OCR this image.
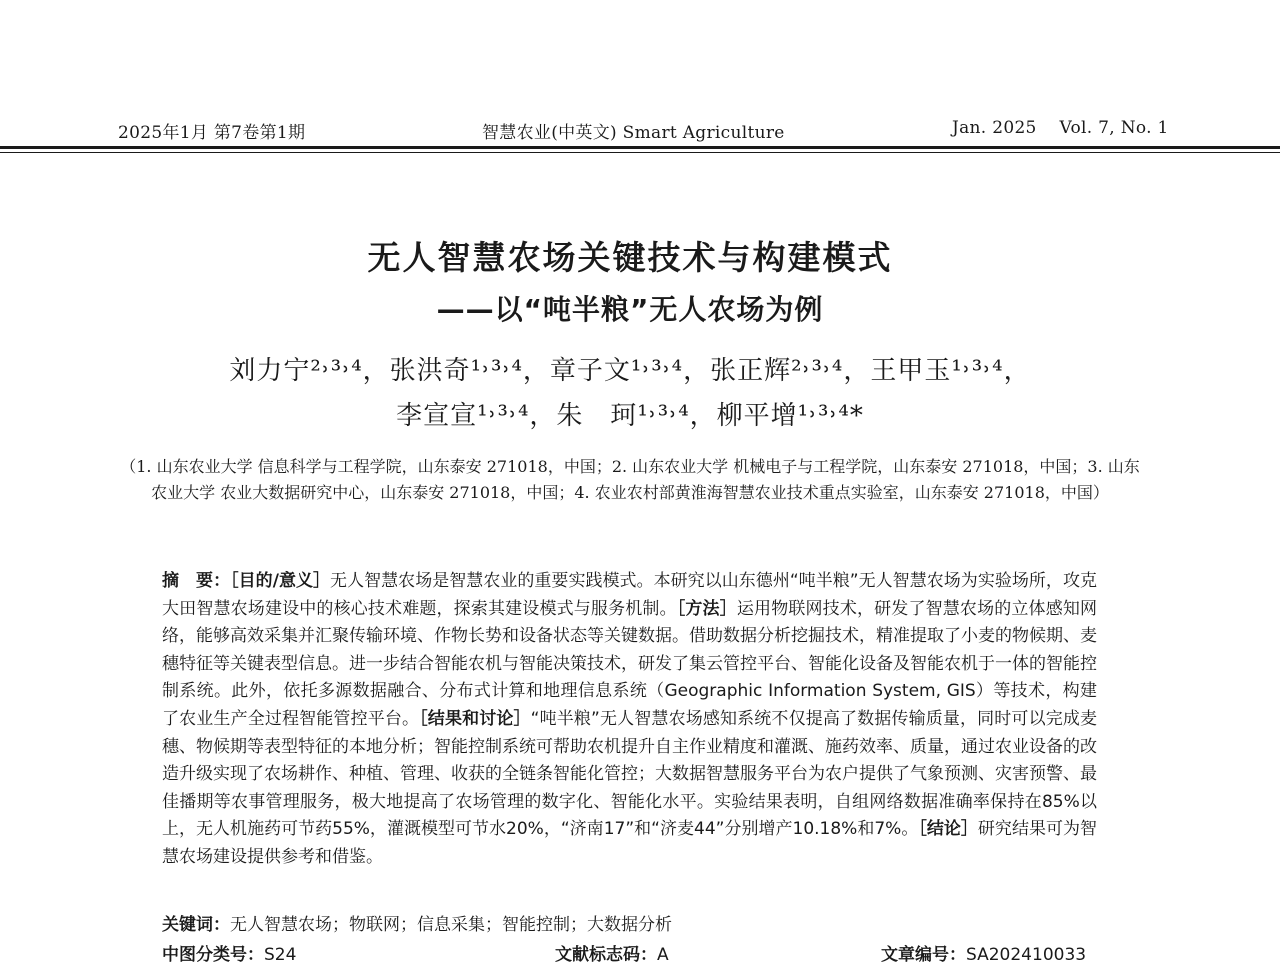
2025年1月 第7卷第1期	智慧农业(中英文) Smart Agriculture	Jan. 2025    Vol. 7, No. 1
无人智慧农场关键技术与构建模式
——以“吨半粮”无人农场为例
刘力宁²˒³˒⁴，张洪奇¹˒³˒⁴，章子文¹˒³˒⁴，张正辉²˒³˒⁴，王甲玉¹˒³˒⁴，
李宣宣¹˒³˒⁴，朱　珂¹˒³˒⁴，柳平增¹˒³˒⁴*
（1. 山东农业大学 信息科学与工程学院，山东泰安 271018，中国；2. 山东农业大学 机械电子与工程学院，山东泰安 271018，中国；3. 山东农业大学 农业大数据研究中心，山东泰安 271018，中国；4. 农业农村部黄淮海智慧农业技术重点实验室，山东泰安 271018，中国）
摘　要：［目的/意义］无人智慧农场是智慧农业的重要实践模式。本研究以山东德州“吨半粮”无人智慧农场为实验场所，攻克大田智慧农场建设中的核心技术难题，探索其建设模式与服务机制。［方法］运用物联网技术，研发了智慧农场的立体感知网络，能够高效采集并汇聚传输环境、作物长势和设备状态等关键数据。借助数据分析挖掘技术，精准提取了小麦的物候期、麦穗特征等关键表型信息。进一步结合智能农机与智能决策技术，研发了集云管控平台、智能化设备及智能农机于一体的智能控制系统。此外，依托多源数据融合、分布式计算和地理信息系统（Geographic Information System, GIS）等技术，构建了农业生产全过程智能管控平台。［结果和讨论］“吨半粮”无人智慧农场感知系统不仅提高了数据传输质量，同时可以完成麦穗、物候期等表型特征的本地分析；智能控制系统可帮助农机提升自主作业精度和灌溉、施药效率、质量，通过农业设备的改造升级实现了农场耕作、种植、管理、收获的全链条智能化管控；大数据智慧服务平台为农户提供了气象预测、灾害预警、最佳播期等农事管理服务，极大地提高了农场管理的数字化、智能化水平。实验结果表明，自组网络数据准确率保持在85%以上，无人机施药可节药55%，灌溉模型可节水20%，“济南17”和“济麦44”分别增产10.18%和7%。［结论］研究结果可为智慧农场建设提供参考和借鉴。
关键词：无人智慧农场；物联网；信息采集；智能控制；大数据分析
中图分类号：S24	文献标志码：A	文章编号：SA202410033
